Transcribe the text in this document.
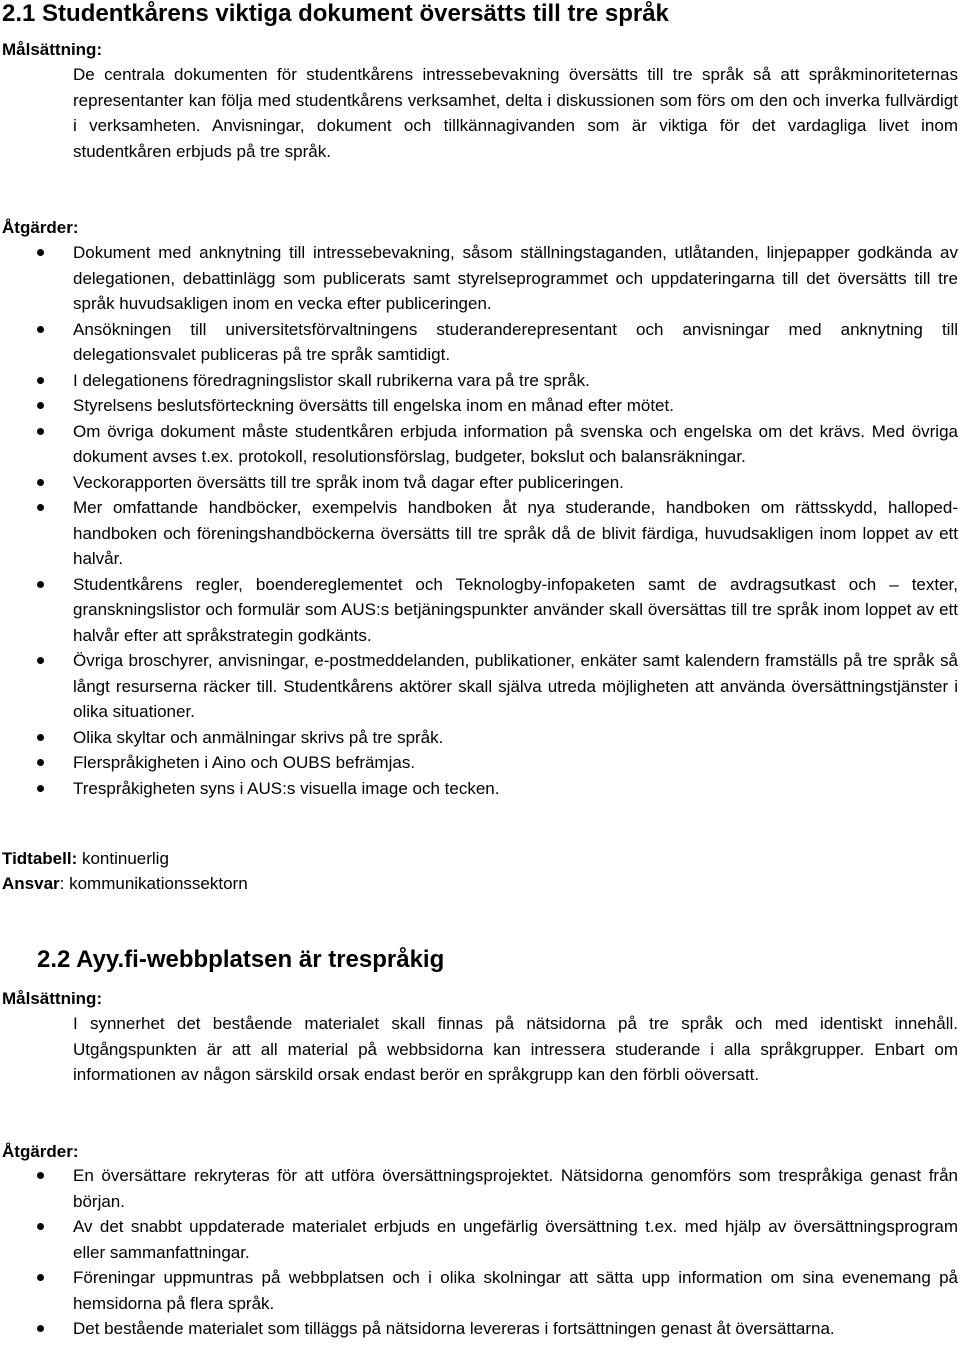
2.1 Studentkårens viktiga dokument översätts till tre språk

Målsättning:

De centrala dokumenten för studentkårens intressebevakning översätts till tre språk så att språkminoriteternas representanter kan följa med studentkårens verksamhet, delta i diskussionen som förs om den och inverka fullvärdigt i verksamheten. Anvisningar, dokument och tillkännagivanden som är viktiga för det vardagliga livet inom studentkåren erbjuds på tre språk.

Åtgärder:

Dokument med anknytning till intressebevakning, såsom ställningstaganden, utlåtanden, linjepapper godkända av delegationen, debattinlägg som publicerats samt styrelseprogrammet och uppdateringarna till det översätts till tre språk huvudsakligen inom en vecka efter publiceringen.
Ansökningen till universitetsförvaltningens studeranderepresentant och anvisningar med anknytning till delegationsvalet publiceras på tre språk samtidigt.
I delegationens föredragningslistor skall rubrikerna vara på tre språk.
Styrelsens beslutsförteckning översätts till engelska inom en månad efter mötet.
Om övriga dokument måste studentkåren erbjuda information på svenska och engelska om det krävs. Med övriga dokument avses t.ex. protokoll, resolutionsförslag, budgeter, bokslut och balansräkningar.
Veckorapporten översätts till tre språk inom två dagar efter publiceringen.
Mer omfattande handböcker, exempelvis handboken åt nya studerande, handboken om rättsskydd, halloped-handboken och föreningshandböckerna översätts till tre språk då de blivit färdiga, huvudsakligen inom loppet av ett halvår.
Studentkårens regler, boendereglementet och Teknologby-infopaketen samt de avdragsutkast och – texter, granskningslistor och formulär som AUS:s betjäningspunkter använder skall översättas till tre språk inom loppet av ett halvår efter att språkstrategin godkänts.
Övriga broschyrer, anvisningar, e-postmeddelanden, publikationer, enkäter samt kalendern framställs på tre språk så långt resurserna räcker till. Studentkårens aktörer skall själva utreda möjligheten att använda översättningstjänster i olika situationer.
Olika skyltar och anmälningar skrivs på tre språk.
Flerspråkigheten i Aino och OUBS befrämjas.
Trespråkigheten syns i AUS:s visuella image och tecken.

Tidtabell: kontinuerlig

Ansvar: kommunikationssektorn

2.2 Ayy.fi-webbplatsen är trespråkig

Målsättning:

I synnerhet det bestående materialet skall finnas på nätsidorna på tre språk och med identiskt innehåll. Utgångspunkten är att all material på webbsidorna kan intressera studerande i alla språkgrupper. Enbart om informationen av någon särskild orsak endast berör en språkgrupp kan den förbli oöversatt.

Åtgärder:

En översättare rekryteras för att utföra översättningsprojektet. Nätsidorna genomförs som trespråkiga genast från början.
Av det snabbt uppdaterade materialet erbjuds en ungefärlig översättning t.ex. med hjälp av översättningsprogram eller sammanfattningar.
Föreningar uppmuntras på webbplatsen och i olika skolningar att sätta upp information om sina evenemang på hemsidorna på flera språk.
Det bestående materialet som tilläggs på nätsidorna levereras i fortsättningen genast åt översättarna.
